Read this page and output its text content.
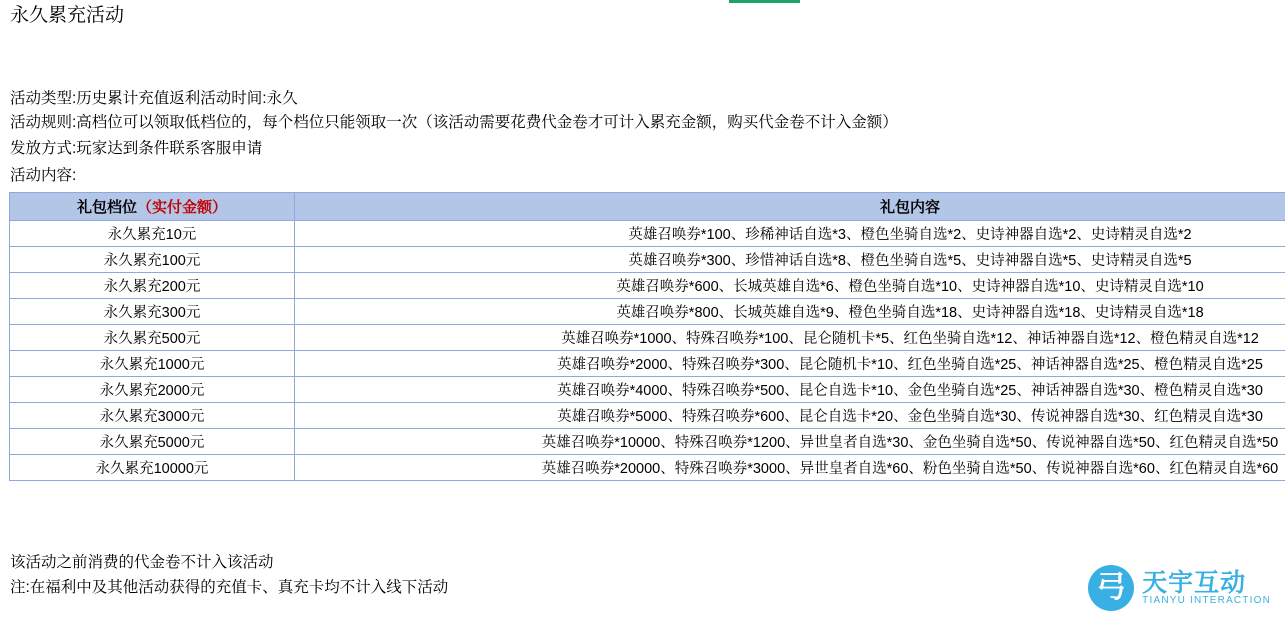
永久累充活动
活动类型:历史累计充值返利活动时间:永久
活动规则:高档位可以领取低档位的，每个档位只能领取一次（该活动需要花费代金卷才可计入累充金额，购买代金卷不计入金额）
发放方式:玩家达到条件联系客服申请
活动内容:
礼包档位（实付金额）	礼包内容
永久累充10元	英雄召唤券*100、珍稀神话自选*3、橙色坐骑自选*2、史诗神器自选*2、史诗精灵自选*2
永久累充100元	英雄召唤券*300、珍惜神话自选*8、橙色坐骑自选*5、史诗神器自选*5、史诗精灵自选*5
永久累充200元	英雄召唤券*600、长城英雄自选*6、橙色坐骑自选*10、史诗神器自选*10、史诗精灵自选*10
永久累充300元	英雄召唤券*800、长城英雄自选*9、橙色坐骑自选*18、史诗神器自选*18、史诗精灵自选*18
永久累充500元	英雄召唤券*1000、特殊召唤券*100、昆仑随机卡*5、红色坐骑自选*12、神话神器自选*12、橙色精灵自选*12
永久累充1000元	英雄召唤券*2000、特殊召唤券*300、昆仑随机卡*10、红色坐骑自选*25、神话神器自选*25、橙色精灵自选*25
永久累充2000元	英雄召唤券*4000、特殊召唤券*500、昆仑自选卡*10、金色坐骑自选*25、神话神器自选*30、橙色精灵自选*30
永久累充3000元	英雄召唤券*5000、特殊召唤券*600、昆仑自选卡*20、金色坐骑自选*30、传说神器自选*30、红色精灵自选*30
永久累充5000元	英雄召唤券*10000、特殊召唤券*1200、异世皇者自选*30、金色坐骑自选*50、传说神器自选*50、红色精灵自选*50
永久累充10000元	英雄召唤券*20000、特殊召唤券*3000、异世皇者自选*60、粉色坐骑自选*50、传说神器自选*60、红色精灵自选*60
该活动之前消费的代金卷不计入该活动
注:在福利中及其他活动获得的充值卡、真充卡均不计入线下活动	弓 天宇互动
TIANYU INTERACTION
